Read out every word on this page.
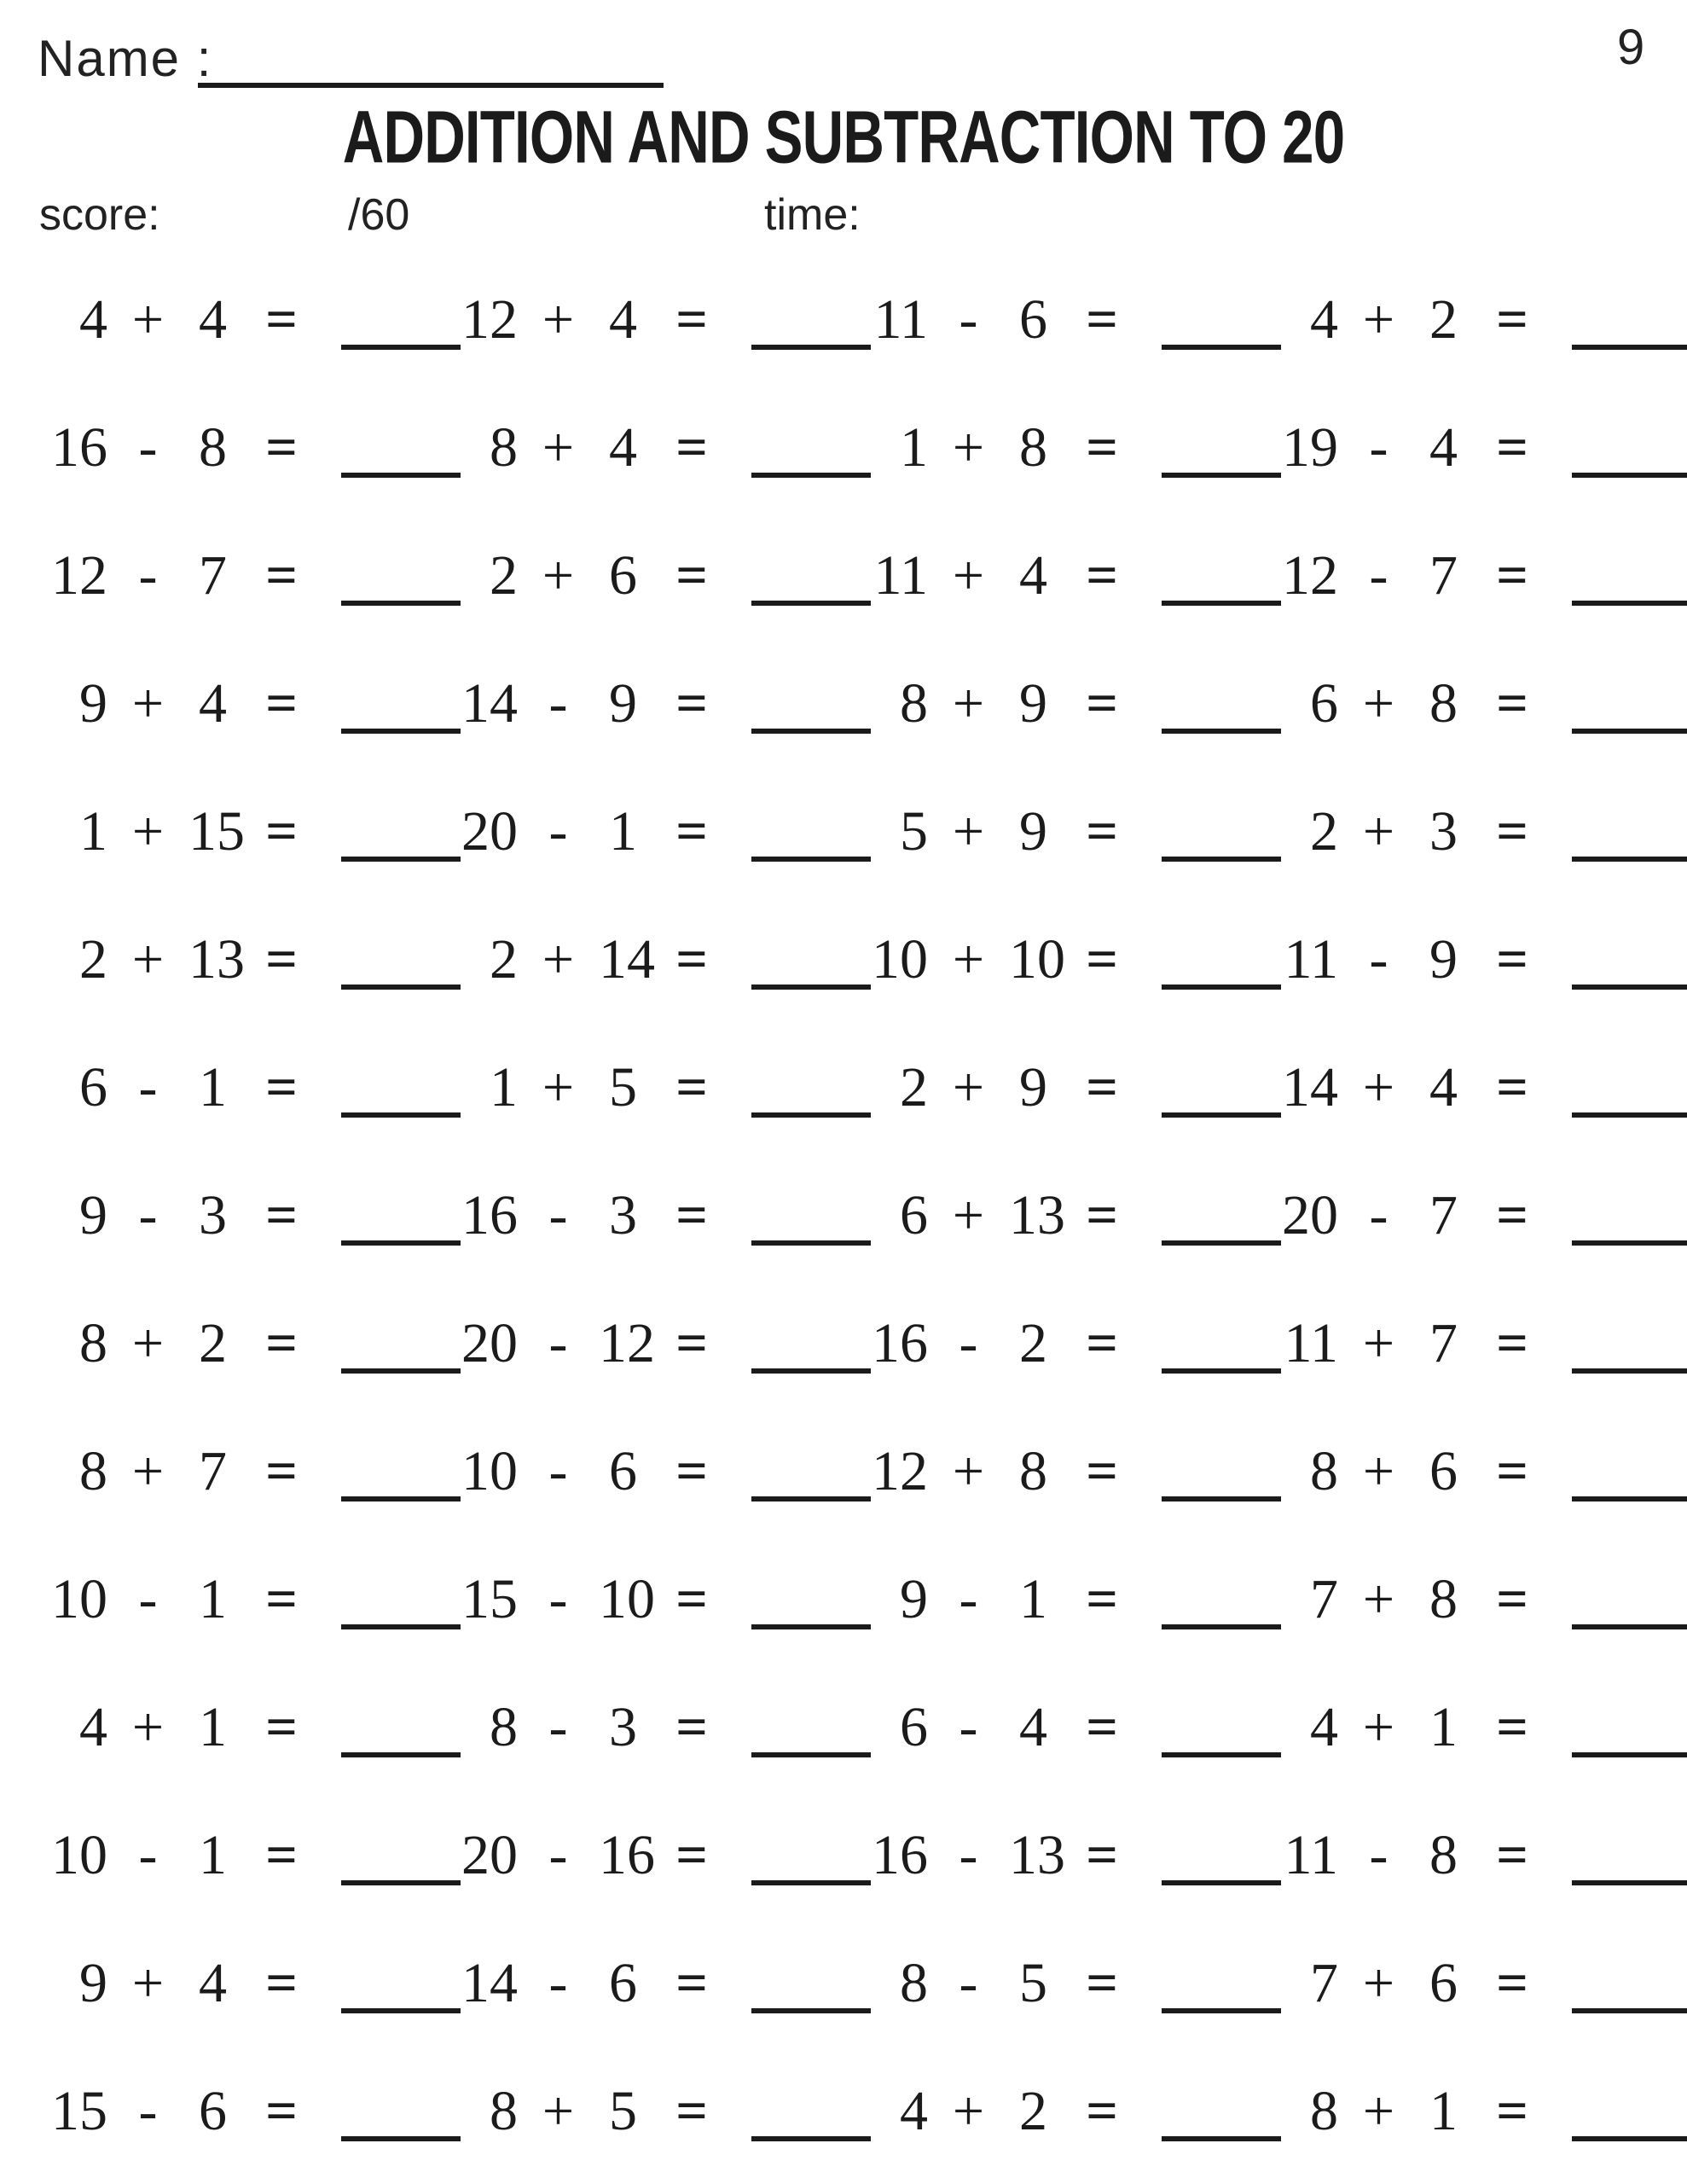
Name :	9
ADDITION AND SUBTRACTION TO 20
score:	/60	time:
4 + 4 =	12 + 4 =	11 - 6 =	4 + 2 =
16 - 8 =	8 + 4 =	1 + 8 =	19 - 4 =
12 - 7 =	2 + 6 =	11 + 4 =	12 - 7 =
9 + 4 =	14 - 9 =	8 + 9 =	6 + 8 =
1 + 15 =	20 - 1 =	5 + 9 =	2 + 3 =
2 + 13 =	2 + 14 =	10 + 10 =	11 - 9 =
6 - 1 =	1 + 5 =	2 + 9 =	14 + 4 =
9 - 3 =	16 - 3 =	6 + 13 =	20 - 7 =
8 + 2 =	20 - 12 =	16 - 2 =	11 + 7 =
8 + 7 =	10 - 6 =	12 + 8 =	8 + 6 =
10 - 1 =	15 - 10 =	9 - 1 =	7 + 8 =
4 + 1 =	8 - 3 =	6 - 4 =	4 + 1 =
10 - 1 =	20 - 16 =	16 - 13 =	11 - 8 =
9 + 4 =	14 - 6 =	8 - 5 =	7 + 6 =
15 - 6 =	8 + 5 =	4 + 2 =	8 + 1 =
